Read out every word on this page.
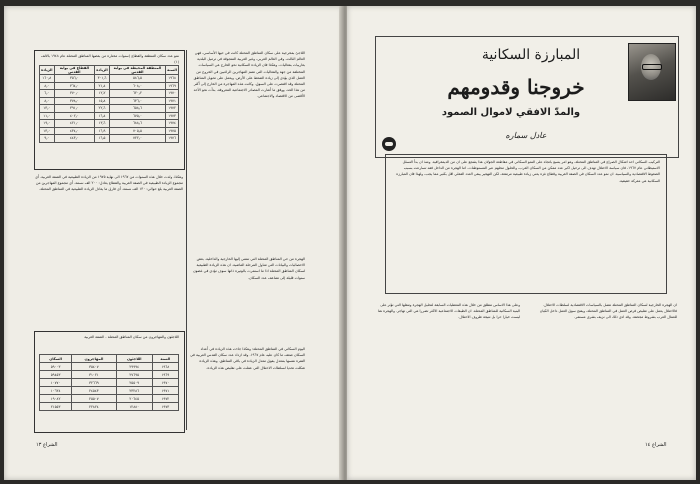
نمو عدد سكان المنطقة والقطاع (سنوات مختارة من بعضها المناطق المحتلة عام ١٩٤٨ بالالف (١)
السنة	المنطقة المحيطة في بوابة القدس	الزيادة	القطاع في بوابة القدس	الزيادة
١٩٦٨	٥٨٦٫٥	٣٠١٫٦	٣٥٦٫٠	١٦٠٫٨
١٩٦٩	٦٠٨٫٠	٢١٫٤	٣٦٤٫٠	٨٫٠
١٩٧٠	٦٢٠٫٢	١٢٫٢	٣٧٠٫٠	٦٫٠
١٩٧١	٦٣٦٫٠	١٥٫٨	٣٧٨٫٠	٨٫٠
١٩٧٢	٦٥٨٫٦	٢٢٫٦	٣٩١٫٠	١٣٫٠
١٩٧٣	٦٧٥٫٠	١٦٫٤	٤٠٢٫٠	١١٫٠
١٩٧٤	٦٨٨٫٦	١٣٫٦	٤٢١٫٠	١٩٫٠
١٩٧٥	٧٠٥٫٥	١٦٫٩	٤٣٤٫٠	١٣٫٠
١٩٧٦	٧٢٢٫٠	١٦٫٥	٤٤٣٫٠	٩٫٠
اللاجئ بمخرجية على سكان المناطق المحتلة كانت في حيها الأساسي، فهي العالم الثالث، وفي العالم العربي، وغير العربية المتجوقة في ترميل البلدية بغاربيات بفعاليات. وهكذا فان الزيادة السكانية نحو الخارج هي السياسات المختلفة من جهة والفعاليات التي تضم المهاجرين الراغبين في الخروج من العمل الذي يؤدي إلى زيادة الضغط على الأرض. ويعمل على تحويل المناطق المحتلة وقد اقتصرت على السوق. وكانت هذه المهاجرة من الخارج إلى أكثر من هذا الحد، ووفق ما أشارت المصادر الاجتماعية المعروفة، بدأت نحو الأحد الأقصى من الاقتصاد والاجتماعي.
وهكذا، ولدت خلال هذه السنوات من ١٩٦٧ الى نهاية ١٩٧٥ من الزيادة الطبيعية في الضفة الغربية. أي مجموع الزيادة الطبيعية في الضفة الغربية والقطاع يعادل: ٢٠٠ الف نسمة. أي مجموع المهاجرين من الضفة الغربية بلغ حوالي: ١٣٠ الف نسمة. أي فارق ما يعادل الزيادة الطبيعية في المناطق المحتلة.
الهجرة من حي المناطق المحتلة التي تنتمي إليها الخارجية والداخلية. بعض الاحصائيات والبيانات التي تتناول المرحلة الماضية. ان هذه الزيادة الطبيعية لسكان المناطق المحتلة اذا ما استمرت بالوتيرة ذاتها سوف تؤدي في غضون سنوات قليلة إلى تضاعف عدد السكان.
اليوم السكاني في المناطق المحتلة: وهكذا جاءت هذه الزيادة في أعداد السكان ضعف ما كان عليه عام ١٩٦٧. وقد ازداد عدد سكان القدس العربية في الفترة نفسها بمعدل يفوق معدل الزيادة في باقي المناطق. وهذه الزيادة شكلت تحديا لسلطات الاحتلال التي عملت على تقليص هذه الزيادة.
اللاجئون والمهاجرون من سكان المناطق المحتلة - الضفة الغربية
السنة	اللاجئون	المهاجرون	السكان
١٩٦٨	٢٩٩٩٤	٣٥٤٠٧	٥٩٠٠٣
١٩٦٩	٢٧٦٩٥	٣١٠٢١	٥٩٤٥٣
١٩٧٠	٢٥٥٠٩	٣٢٦٦٩	١٠٧٧٠
١٩٧١	٢٣٢٨٦	٢٤٥٤٣	١٠٦٣٤
١٩٧٢	٢٠٦٤٥	٢٥٥٠٧	١٩٠٨٢
١٩٧٣	١٢٨٨٠	٢٢٨٢٤	٢١٥٥٣
الشراع ١٣
المبارزة السكانية
خروجنا وقدومهم
والمدّ الافقي لاموال الصمود
عادل سماره
التركيب السكاني احد اشكال الصراع في المناطق المحتلة، وهو امر يتسع باتجاه على النمو السكاني في مقاطعة الجولان هذا يشجع على ان من الديمغرافية. ومنذ ان بدأ التسلل الاستيطاني عام ١٩٦٧، فان سياسة الاحتلال تهدف الى ترحيل اكبر عدد ممكن من السكان العرب، والحلول محلهم عبر المستوطنات. اما الهجرة من الداخل فقد تسارعت بسبب الضغوط الاقتصادية والسياسية. ان نمو عدد السكان في الضفة الغربية وقطاع غزة يعني زيادة طبيعية مرتفعة، لكن التهجير يبقي العدد الفعلي اقل بكثير مما يجب، ولهذا فان المبارزة السكانية هي معركة حقيقية.
وعلى هذا الاساس تنطلق من خلال هذه المعطيات السابقة لتحليل الهجرة وتنقلها التي تؤثر على البنية السكانية للمناطق المحتلة. ان الطبقات الاجتماعية الاكثر تضررا هي التي تهاجر. والهجرة هنا ليست خيارا حرا بل نتيجة ظروف الاحتلال.
ان الهجرة الخارجية لسكان المناطق المحتلة تتصل بالسياسات الاقتصادية لسلطات الاحتلال. فالاحتلال يعمل على تقليص فرص العمل في المناطق المحتلة، ويفتح سوق العمل داخل الكيان للعمال العرب بشروط مجحفة. وقد ادى ذلك الى نزيف بشري مستمر.
الشراع ١٤
